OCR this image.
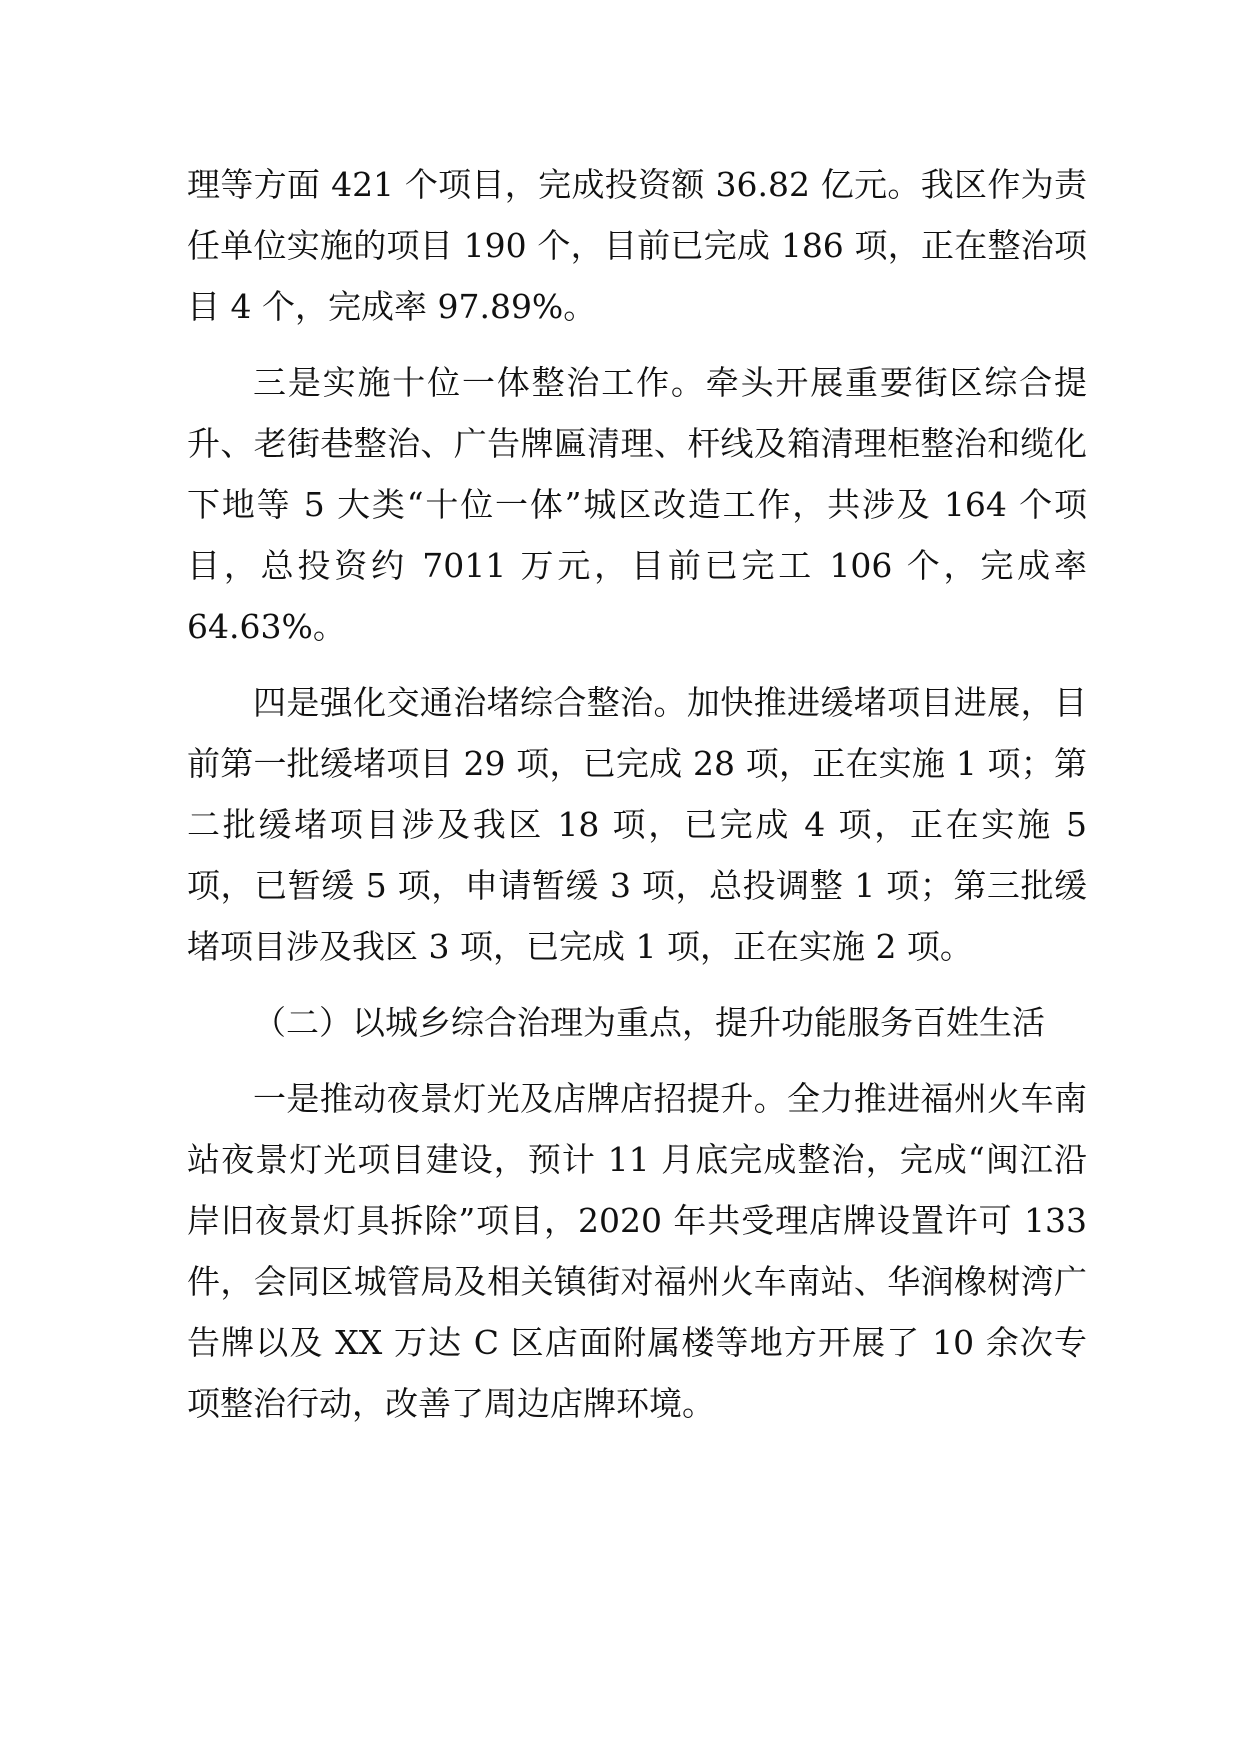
理等方面 421 个项目，完成投资额 36.82 亿元。我区作为责任单位实施的项目 190 个，目前已完成 186 项，正在整治项目 4 个，完成率 97.89%。

三是实施十位一体整治工作。牵头开展重要街区综合提升、老街巷整治、广告牌匾清理、杆线及箱清理柜整治和缆化下地等 5 大类“十位一体”城区改造工作，共涉及 164 个项目，总投资约 7011 万元，目前已完工 106 个，完成率 64.63%。

四是强化交通治堵综合整治。加快推进缓堵项目进展，目前第一批缓堵项目 29 项，已完成 28 项，正在实施 1 项；第二批缓堵项目涉及我区 18 项，已完成 4 项，正在实施 5 项，已暂缓 5 项，申请暂缓 3 项，总投调整 1 项；第三批缓堵项目涉及我区 3 项，已完成 1 项，正在实施 2 项。

（二）以城乡综合治理为重点，提升功能服务百姓生活

一是推动夜景灯光及店牌店招提升。全力推进福州火车南站夜景灯光项目建设，预计 11 月底完成整治，完成“闽江沿岸旧夜景灯具拆除”项目，2020 年共受理店牌设置许可 133 件，会同区城管局及相关镇街对福州火车南站、华润橡树湾广告牌以及 XX 万达 C 区店面附属楼等地方开展了 10 余次专项整治行动，改善了周边店牌环境。
